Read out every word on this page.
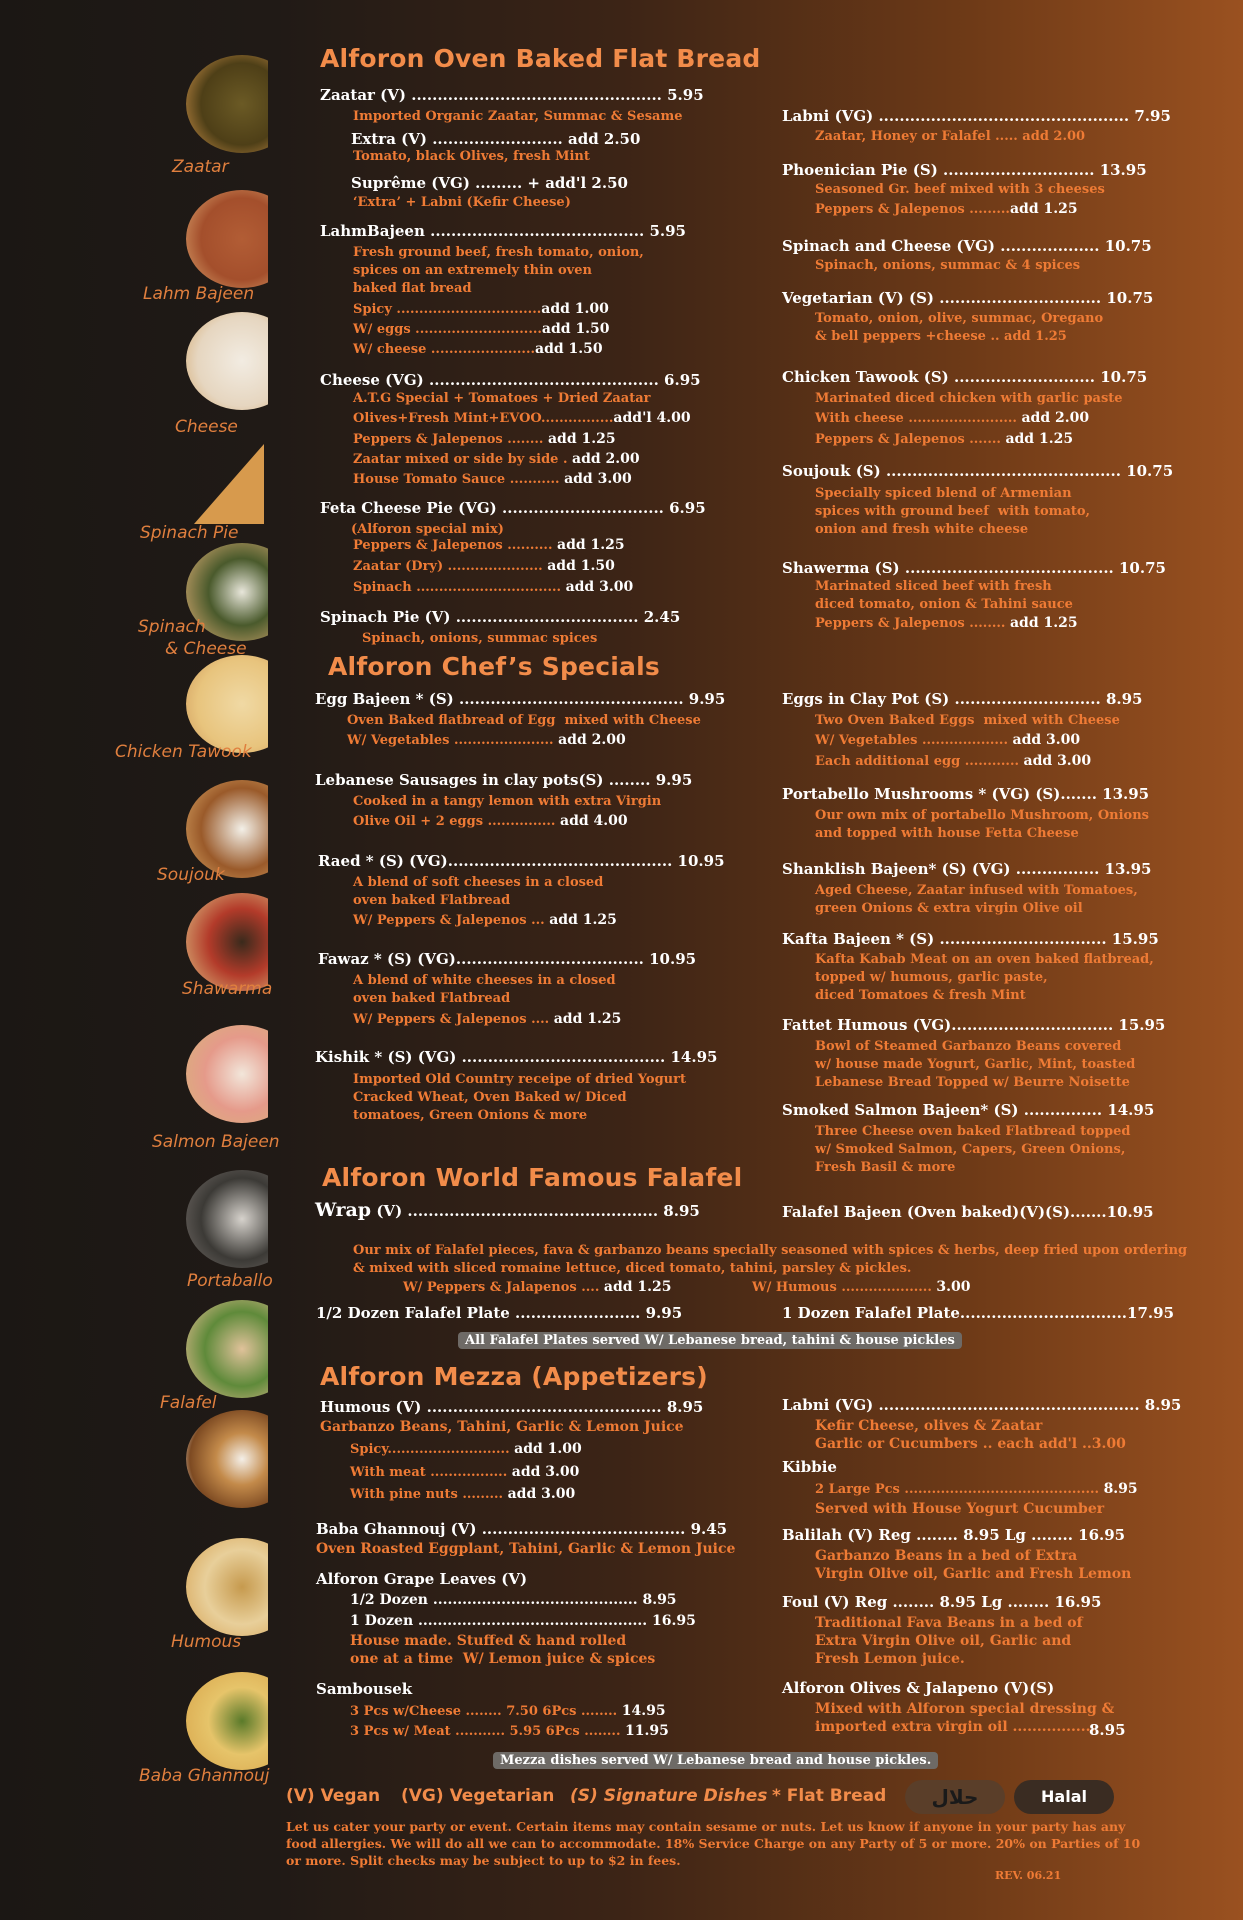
Zaatar
Lahm Bajeen
Cheese
Spinach Pie
Spinach
& Cheese
Chicken Tawook
Soujouk
Shawarma
Salmon Bajeen
Portaballo
Falafel
Humous
Baba Ghannouj
Alforon Oven Baked Flat Bread
Zaatar (V) ................................................ 5.95
Imported Organic Zaatar, Summac & Sesame
Extra (V) ......................... add 2.50
Tomato, black Olives, fresh Mint
Suprême (VG) ......... + add'l 2.50
‘Extra’ + Labni (Kefir Cheese)
LahmBajeen ......................................... 5.95
Fresh ground beef, fresh tomato, onion,
spices on an extremely thin oven
baked flat bread
Spicy ................................add 1.00
W/ eggs ............................add 1.50
W/ cheese .......................add 1.50
Cheese (VG) ............................................ 6.95
A.T.G Special + Tomatoes + Dried Zaatar
Olives+Fresh Mint+EVOO................add'l 4.00
Peppers & Jalepenos ........ add 1.25
Zaatar mixed or side by side . add 2.00
House Tomato Sauce ........... add 3.00
Feta Cheese Pie (VG) ............................... 6.95
(Alforon special mix)
Peppers & Jalepenos .......... add 1.25
Zaatar (Dry) ..................... add 1.50
Spinach ................................ add 3.00
Spinach Pie (V) ................................... 2.45
Spinach, onions, summac spices
Labni (VG) ................................................ 7.95
Zaatar, Honey or Falafel ..... add 2.00
Phoenician Pie (S) ............................. 13.95
Seasoned Gr. beef mixed with 3 cheeses
Peppers & Jalepenos .........add 1.25
Spinach and Cheese (VG) ................... 10.75
Spinach, onions, summac & 4 spices
Vegetarian (V) (S) ............................... 10.75
Tomato, onion, olive, summac, Oregano
& bell peppers +cheese .. add 1.25
Chicken Tawook (S) ........................... 10.75
Marinated diced chicken with garlic paste
With cheese ........................ add 2.00
Peppers & Jalepenos ....... add 1.25
Soujouk (S) ............................................. 10.75
Specially spiced blend of Armenian
spices with ground beef  with tomato,
onion and fresh white cheese
Shawerma (S) ........................................ 10.75
Marinated sliced beef with fresh
diced tomato, onion & Tahini sauce
Peppers & Jalepenos ........ add 1.25
Alforon Chef’s Specials
Egg Bajeen * (S) ........................................... 9.95
Oven Baked flatbread of Egg  mixed with Cheese
W/ Vegetables ...................... add 2.00
Lebanese Sausages in clay pots(S) ........ 9.95
Cooked in a tangy lemon with extra Virgin
Olive Oil + 2 eggs ............... add 4.00
Raed * (S) (VG)........................................... 10.95
A blend of soft cheeses in a closed
oven baked Flatbread
W/ Peppers & Jalepenos ... add 1.25
Fawaz * (S) (VG).................................... 10.95
A blend of white cheeses in a closed
oven baked Flatbread
W/ Peppers & Jalepenos .... add 1.25
Kishik * (S) (VG) ....................................... 14.95
Imported Old Country receipe of dried Yogurt
Cracked Wheat, Oven Baked w/ Diced
tomatoes, Green Onions & more
Eggs in Clay Pot (S) ............................ 8.95
Two Oven Baked Eggs  mixed with Cheese
W/ Vegetables ................... add 3.00
Each additional egg ............ add 3.00
Portabello Mushrooms * (VG) (S)....... 13.95
Our own mix of portabello Mushroom, Onions
and topped with house Fetta Cheese
Shanklish Bajeen* (S) (VG) ................ 13.95
Aged Cheese, Zaatar infused with Tomatoes,
green Onions & extra virgin Olive oil
Kafta Bajeen * (S) ................................ 15.95
Kafta Kabab Meat on an oven baked flatbread,
topped w/ humous, garlic paste,
diced Tomatoes & fresh Mint
Fattet Humous (VG)............................... 15.95
Bowl of Steamed Garbanzo Beans covered
w/ house made Yogurt, Garlic, Mint, toasted
Lebanese Bread Topped w/ Beurre Noisette
Smoked Salmon Bajeen* (S) ............... 14.95
Three Cheese oven baked Flatbread topped
w/ Smoked Salmon, Capers, Green Onions,
Fresh Basil & more
Alforon World Famous Falafel
Wrap (V) ................................................ 8.95	Falafel Bajeen (Oven baked)(V)(S).......10.95
Our mix of Falafel pieces, fava & garbanzo beans specially seasoned with spices & herbs, deep fried upon ordering
& mixed with sliced romaine lettuce, diced tomato, tahini, parsley & pickles.
W/ Peppers & Jalapenos .... add 1.25	W/ Humous .................... 3.00
1/2 Dozen Falafel Plate ........................ 9.95	1 Dozen Falafel Plate................................17.95
All Falafel Plates served W/ Lebanese bread, tahini & house pickles
Alforon Mezza (Appetizers)
Humous (V) ............................................. 8.95
Garbanzo Beans, Tahini, Garlic & Lemon Juice
Spicy........................... add 1.00
With meat ................. add 3.00
With pine nuts ......... add 3.00
Baba Ghannouj (V) ....................................... 9.45
Oven Roasted Eggplant, Tahini, Garlic & Lemon Juice
Alforon Grape Leaves (V)
1/2 Dozen .......................................... 8.95
1 Dozen ............................................... 16.95
House made. Stuffed & hand rolled
one at a time  W/ Lemon juice & spices
Sambousek
3 Pcs w/Cheese ........ 7.50 6Pcs ........ 14.95
3 Pcs w/ Meat ........... 5.95 6Pcs ........ 11.95
Labni (VG) .................................................. 8.95
Kefir Cheese, olives & Zaatar
Garlic or Cucumbers .. each add'l ..3.00
Kibbie
2 Large Pcs ........................................... 8.95
Served with House Yogurt Cucumber
Balilah (V) Reg ........ 8.95 Lg ........ 16.95
Garbanzo Beans in a bed of Extra
Virgin Olive oil, Garlic and Fresh Lemon
Foul (V) Reg ........ 8.95 Lg ........ 16.95
Traditional Fava Beans in a bed of
Extra Virgin Olive oil, Garlic and
Fresh Lemon juice.
Alforon Olives & Jalapeno (V)(S)
Mixed with Alforon special dressing &
imported extra virgin oil .................
8.95
Mezza dishes served W/ Lebanese bread and house pickles.
(V) Vegan (VG) Vegetarian (S) Signature Dishes * Flat Bread	حلال	Halal
Let us cater your party or event. Certain items may contain sesame or nuts. Let us know if anyone in your party has any food allergies. We will do all we can to accommodate. 18% Service Charge on any Party of 5 or more. 20% on Parties of 10 or more. Split checks may be subject to up to $2 in fees.
REV. 06.21
